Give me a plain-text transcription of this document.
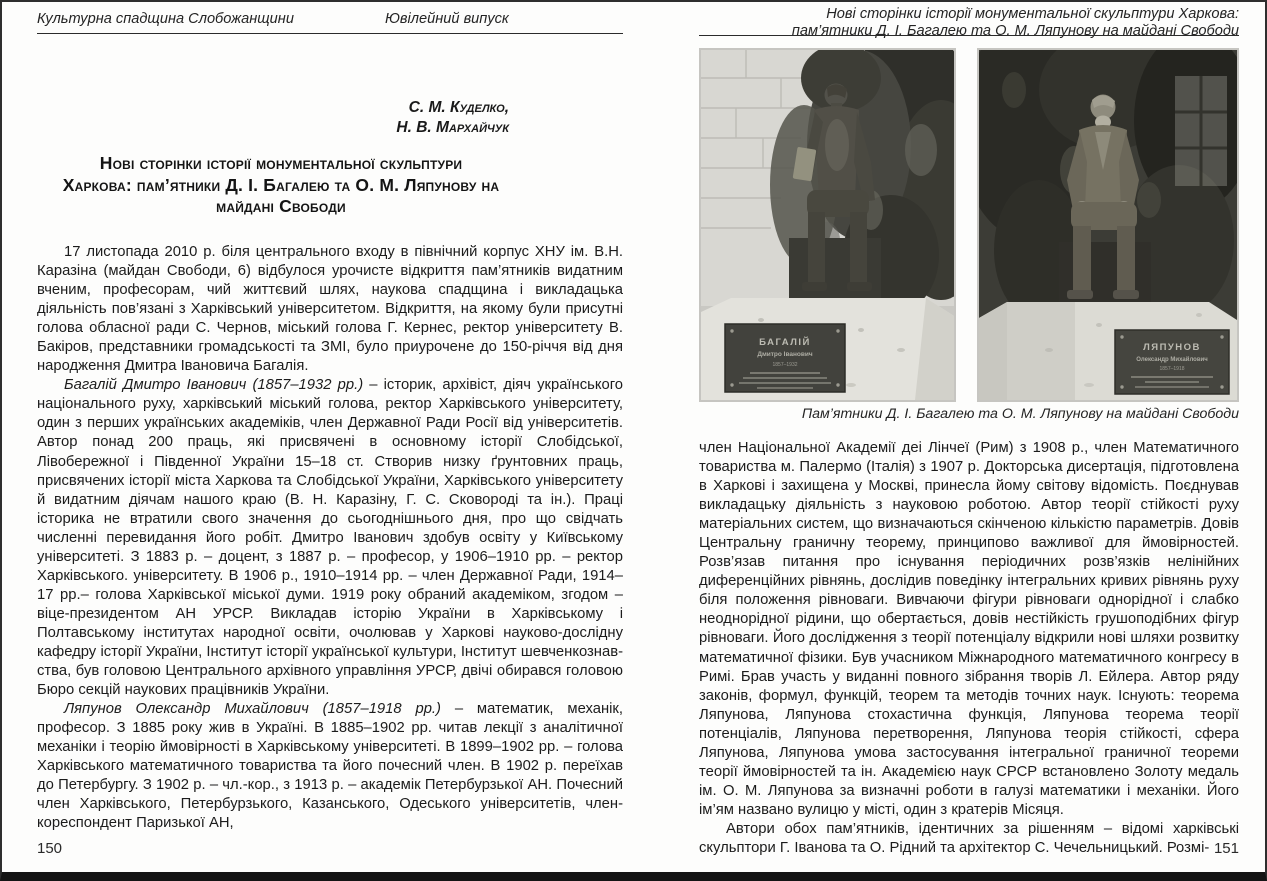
Культурна спадщина Слобожанщини	Ювілейний випуск
С. М. Куделко,
Н. В. Мархайчук
Нові сторінки історії монументальної скульптури
Харкова: пам’ятники Д. І. Багалею та О. М. Ляпунову на
майдані Свободи

17 листопада 2010 р. біля центрального входу в північний корпус ХНУ ім. В.Н. Каразіна (майдан Свободи, 6) відбулося урочисте відкриття пам’ятників видатним вченим, професорам, чий життєвий шлях, наукова спадщина і викладацька діяльність пов’язані з Харківський університетом. Відкриття, на якому були присутні голова обласної ради С. Чернов, міський голова Г. Кернес, ректор університету В. Бакіров, представники громадськості та ЗМІ, було приурочене до 150-річчя від дня народження Дмитра Івановича Багалія.

Багалій Дмитро Іванович (1857–1932 рр.) – історик, архівіст, діяч українського національного руху, харківський міський голова, ректор Харківського університету, один з перших українських академіків, член Державної Ради Росії від університетів. Автор понад 200 праць, які присвячені в основному історії Слобідської, Лівобережної і Південної України 15–18 ст. Створив низку ґрунтовних праць, присвячених історії міста Харкова та Слобідської України, Харківського університету й видатним діячам нашого краю (В. Н. Каразіну, Г. С. Сковороді та ін.). Праці історика не втратили свого значення до сьогоднішнього дня, про що свідчать численні перевидання його робіт. Дмитро Іванович здобув освіту у Київському університеті. З 1883 р. – доцент, з 1887 р. – професор, у 1906–1910 рр. – ректор Харківського. університету. В 1906 р., 1910–1914 рр. – член Державної Ради, 1914–17 рр.– голова Харківської міської думи. 1919 року обраний академіком, згодом – віце-президентом АН УРСР. Викладав історію України в Харківському і Полтавському інститутах народної освіти, очолював у Харкові науково-дослідну кафедру історії України, Інститут історії української культури, Інститут шевченкознав-ства, був головою Центрального архівного управління УРСР, двічі обирався головою Бюро секцій наукових працівників України.

Ляпунов Олександр Михайлович (1857–1918 рр.) – математик, механік, професор. З 1885 року жив в Україні. В 1885–1902 рр. читав лекції з аналітичної механіки і теорію ймовірності в Харківському університеті. В 1899–1902 рр. – голова Харківського математичного товариства та його почесний член. В 1902 р. переїхав до Петербургу. З 1902 р. – чл.-кор., з 1913 р. – академік Петербурзької АН. Почесний член Харківського, Петербурзького, Казанського, Одеського університетів, член-кореспондент Паризької АН,

150
Нові сторінки історії монументальної скульптури Харкова:
пам’ятники Д. І. Багалею та О. М. Ляпунову на майдані Свободи
БАГАЛІЙ
Дмитро Іванович
1857–1932
ЛЯПУНОВ
Олександр Михайлович
1857–1918
Пам’ятники Д. І. Багалею та О. М. Ляпунову на майдані Свободи

член Національної Академії деі Лінчеї (Рим) з 1908 р., член Математичного товариства м. Палермо (Італія) з 1907 р. Докторська дисертація, підготовлена в Харкові і захищена у Москві, принесла йому світову відомість. Поєднував викладацьку діяльність з науковою роботою. Автор теорії стійкості руху матеріальних систем, що визначаються скінченою кількістю параметрів. Довів Центральну граничну теорему, принципово важливої для ймовірностей. Розв’язав питання про існування періодичних розв’язків нелінійних диференційних рівнянь, дослідив поведінку інтегральних кривих рівнянь руху біля положення рівноваги. Вивчаючи фігури рівноваги однорідної і слабко неоднорідної рідини, що обертається, довів нестійкість грушоподібних фігур рівноваги. Його дослідження з теорії потенціалу відкрили нові шляхи розвитку математичної фізики. Був учасником Міжнародного математичного конгресу в Римі. Брав участь у виданні повного зібрання творів Л. Ейлера. Автор ряду законів, формул, функцій, теорем та методів точних наук. Існують: теорема Ляпунова, Ляпунова стохастична функція, Ляпунова теорема теорії потенціалів, Ляпунова перетворення, Ляпунова теорія стійкості, сфера Ляпунова, Ляпунова умова застосування інтегральної граничної теореми теорії ймовірностей та ін. Академією наук СРСР встановлено Золоту медаль ім. О. М. Ляпунова за визначні роботи в галузі математики і механіки. Його ім’ям названо вулицю у місті, один з кратерів Місяця.

Автори обох пам’ятників, ідентичних за рішенням – відомі харківські скульптори Г. Іванова та О. Рідний та архітектор С. Чечельницький. Розмі- 151
